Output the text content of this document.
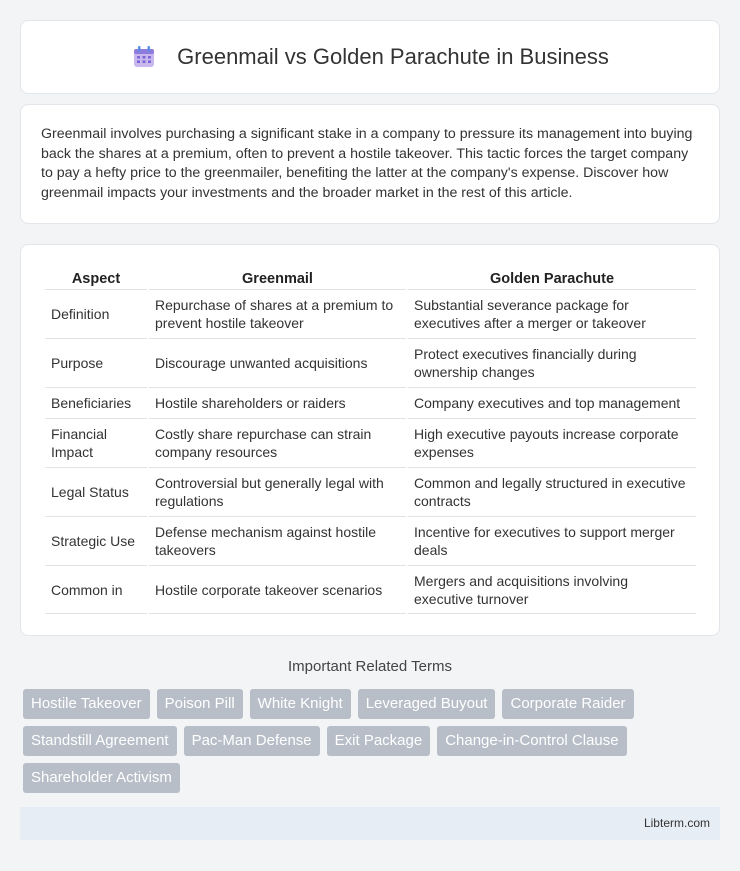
Greenmail vs Golden Parachute in Business

Greenmail involves purchasing a significant stake in a company to pressure its management into buying back the shares at a premium, often to prevent a hostile takeover. This tactic forces the target company to pay a hefty price to the greenmailer, benefiting the latter at the company's expense. Discover how greenmail impacts your investments and the broader market in the rest of this article.

Aspect	Greenmail	Golden Parachute
Definition	Repurchase of shares at a premium to prevent hostile takeover	Substantial severance package for executives after a merger or takeover
Purpose	Discourage unwanted acquisitions	Protect executives financially during ownership changes
Beneficiaries	Hostile shareholders or raiders	Company executives and top management
Financial Impact	Costly share repurchase can strain company resources	High executive payouts increase corporate expenses
Legal Status	Controversial but generally legal with regulations	Common and legally structured in executive contracts
Strategic Use	Defense mechanism against hostile takeovers	Incentive for executives to support merger deals
Common in	Hostile corporate takeover scenarios	Mergers and acquisitions involving executive turnover
Important Related Terms
Hostile Takeover	Poison Pill	White Knight	Leveraged Buyout	Corporate Raider
Standstill Agreement	Pac-Man Defense	Exit Package	Change-in-Control Clause
Shareholder Activism
Libterm.com
